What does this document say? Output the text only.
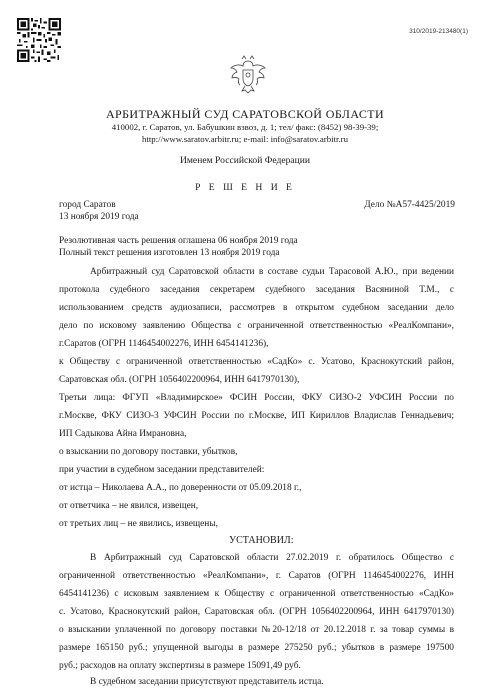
310/2019-213480(1)
АРБИТРАЖНЫЙ СУД САРАТОВСКОЙ ОБЛАСТИ
410002, г. Саратов, ул. Бабушкин взвоз, д. 1; тел/ факс: (8452) 98-39-39;
http://www.saratov.arbitr.ru; e-mail: info@saratov.arbitr.ru
Именем Российской Федерации
Р Е Ш Е Н И Е
город Саратов	Дело №А57-4425/2019
13 ноября 2019 года
Резолютивная часть решения оглашена 06 ноября 2019 года
Полный текст решения изготовлен 13 ноября 2019 года
Арбитражный суд Саратовской области в составе судьи Тарасовой А.Ю., при ведении
протокола судебного заседания секретарем судебного заседания Васяниной Т.М., с
использованием средств аудиозаписи, рассмотрев в открытом судебном заседании дело
дело по исковому заявлению Общества с ограниченной ответственностью «РеалКомпани»,
г.Саратов (ОГРН 1146454002276, ИНН 6454141236),
к Обществу с ограниченной ответственностью «СадКо» с. Усатово, Краснокутский район,
Саратовская обл. (ОГРН 1056402200964, ИНН 6417970130),
Третьи лица: ФГУП «Владимирское» ФСИН России, ФКУ СИЗО-2 УФСИН России по
г.Москве, ФКУ СИЗО-3 УФСИН России по г.Москве, ИП Кириллов Владислав Геннадьевич;
ИП Садыкова Айна Имрановна,
о взыскании по договору поставки, убытков,
при участии в судебном заседании представителей:
от истца – Николаева А.А., по доверенности от 05.09.2018 г.,
от ответчика – не явился, извещен,
от третьих лиц – не явились, извещены,
УСТАНОВИЛ:
В Арбитражный суд Саратовской области 27.02.2019 г. обратилось Общество с
ограниченной ответственностью «РеалКомпани», г. Саратов (ОГРН 1146454002276, ИНН
6454141236) с исковым заявлением к Обществу с ограниченной ответственностью «СадКо»
с. Усатово, Краснокутский район, Саратовская обл. (ОГРН 1056402200964, ИНН 6417970130)
о взыскании уплаченной по договору поставки №20-12/18 от 20.12.2018 г. за товар суммы в
размере 165150 руб.; упущенной выгоды в размере 275250 руб.; убытков в размере 197500
руб.; расходов на оплату экспертизы в размере 15091,49 руб.
В судебном заседании присутствуют представитель истца.
